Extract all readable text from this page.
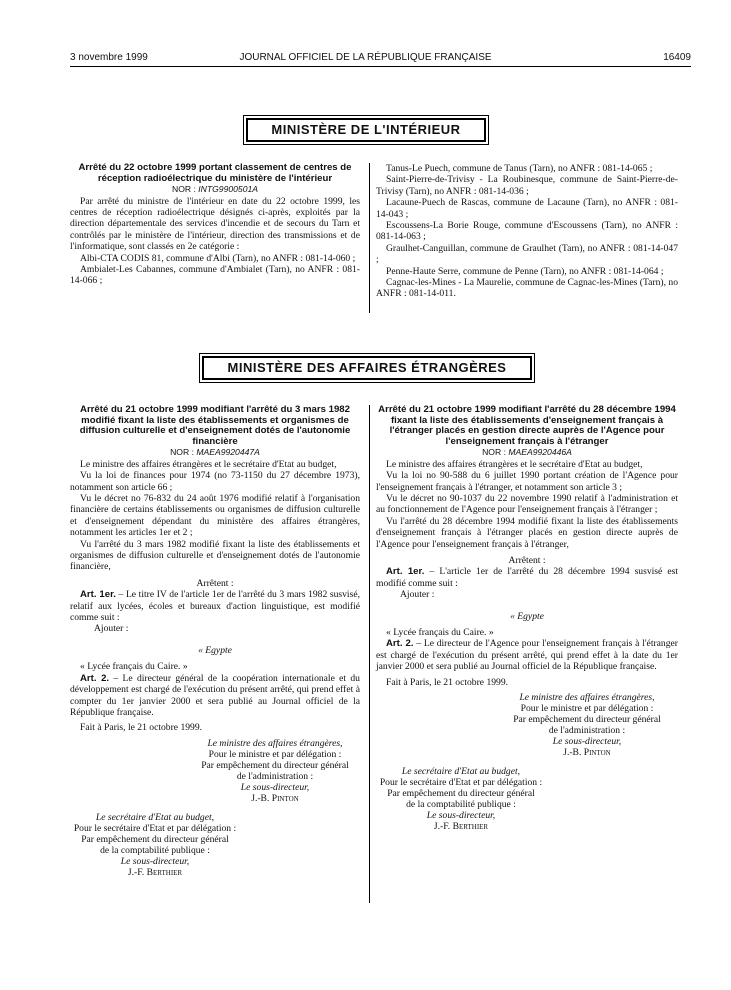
3 novembre 1999	JOURNAL OFFICIEL DE LA RÉPUBLIQUE FRANÇAISE	16409
MINISTÈRE DE L'INTÉRIEUR

Arrêté du 22 octobre 1999 portant classement de centres de réception radioélectrique du ministère de l'intérieur

NOR : INTG9900501A

Par arrêté du ministre de l'intérieur en date du 22 octobre 1999, les centres de réception radioélectrique désignés ci-après, exploités par la direction départementale des services d'incendie et de secours du Tarn et contrôlés par le ministère de l'intérieur, direction des transmissions et de l'informatique, sont classés en 2e catégorie :

Albi-CTA CODIS 81, commune d'Albi (Tarn), no ANFR : 081-14-060 ;

Ambialet-Les Cabannes, commune d'Ambialet (Tarn), no ANFR : 081-14-066 ;

Tanus-Le Puech, commune de Tanus (Tarn), no ANFR : 081-14-065 ;

Saint-Pierre-de-Trivisy - La Roubinesque, commune de Saint-Pierre-de-Trivisy (Tarn), no ANFR : 081-14-036 ;

Lacaune-Puech de Rascas, commune de Lacaune (Tarn), no ANFR : 081-14-043 ;

Escoussens-La Borie Rouge, commune d'Escoussens (Tarn), no ANFR : 081-14-063 ;

Graulhet-Canguillan, commune de Graulhet (Tarn), no ANFR : 081-14-047 ;

Penne-Haute Serre, commune de Penne (Tarn), no ANFR : 081-14-064 ;

Cagnac-les-Mines - La Maurelie, commune de Cagnac-les-Mines (Tarn), no ANFR : 081-14-011.

MINISTÈRE DES AFFAIRES ÉTRANGÈRES

Arrêté du 21 octobre 1999 modifiant l'arrêté du 3 mars 1982 modifié fixant la liste des établissements et organismes de diffusion culturelle et d'enseignement dotés de l'autonomie financière

NOR : MAEA9920447A

Le ministre des affaires étrangères et le secrétaire d'Etat au budget,

Vu la loi de finances pour 1974 (no 73-1150 du 27 décembre 1973), notamment son article 66 ;

Vu le décret no 76-832 du 24 août 1976 modifié relatif à l'organisation financière de certains établissements ou organismes de diffusion culturelle et d'enseignement dépendant du ministère des affaires étrangères, notamment les articles 1er et 2 ;

Vu l'arrêté du 3 mars 1982 modifié fixant la liste des établissements et organismes de diffusion culturelle et d'enseignement dotés de l'autonomie financière,

Arrêtent :

Art. 1er. – Le titre IV de l'article 1er de l'arrêté du 3 mars 1982 susvisé, relatif aux lycées, écoles et bureaux d'action linguistique, est modifié comme suit :

Ajouter :

« Egypte

« Lycée français du Caire. »

Art. 2. – Le directeur général de la coopération internationale et du développement est chargé de l'exécution du présent arrêté, qui prend effet à compter du 1er janvier 2000 et sera publié au Journal officiel de la République française.

Fait à Paris, le 21 octobre 1999.

Le ministre des affaires étrangères,
Pour le ministre et par délégation :
Par empêchement du directeur général
de l'administration :
Le sous-directeur,
J.-B. Pinton
Le secrétaire d'Etat au budget,
Pour le secrétaire d'Etat et par délégation :
Par empêchement du directeur général
de la comptabilité publique :
Le sous-directeur,
J.-F. Berthier

Arrêté du 21 octobre 1999 modifiant l'arrêté du 28 décembre 1994 fixant la liste des établissements d'enseignement français à l'étranger placés en gestion directe auprès de l'Agence pour l'enseignement français à l'étranger

NOR : MAEA9920446A

Le ministre des affaires étrangères et le secrétaire d'Etat au budget,

Vu la loi no 90-588 du 6 juillet 1990 portant création de l'Agence pour l'enseignement français à l'étranger, et notamment son article 3 ;

Vu le décret no 90-1037 du 22 novembre 1990 relatif à l'administration et au fonctionnement de l'Agence pour l'enseignement français à l'étranger ;

Vu l'arrêté du 28 décembre 1994 modifié fixant la liste des établissements d'enseignement français à l'étranger placés en gestion directe auprès de l'Agence pour l'enseignement français à l'étranger,

Arrêtent :

Art. 1er. – L'article 1er de l'arrêté du 28 décembre 1994 susvisé est modifié comme suit :

Ajouter :

« Egypte

« Lycée français du Caire. »

Art. 2. – Le directeur de l'Agence pour l'enseignement français à l'étranger est chargé de l'exécution du présent arrêté, qui prend effet à la date du 1er janvier 2000 et sera publié au Journal officiel de la République française.

Fait à Paris, le 21 octobre 1999.

Le ministre des affaires étrangères,
Pour le ministre et par délégation :
Par empêchement du directeur général
de l'administration :
Le sous-directeur,
J.-B. Pinton
Le secrétaire d'Etat au budget,
Pour le secrétaire d'Etat et par délégation :
Par empêchement du directeur général
de la comptabilité publique :
Le sous-directeur,
J.-F. Berthier
